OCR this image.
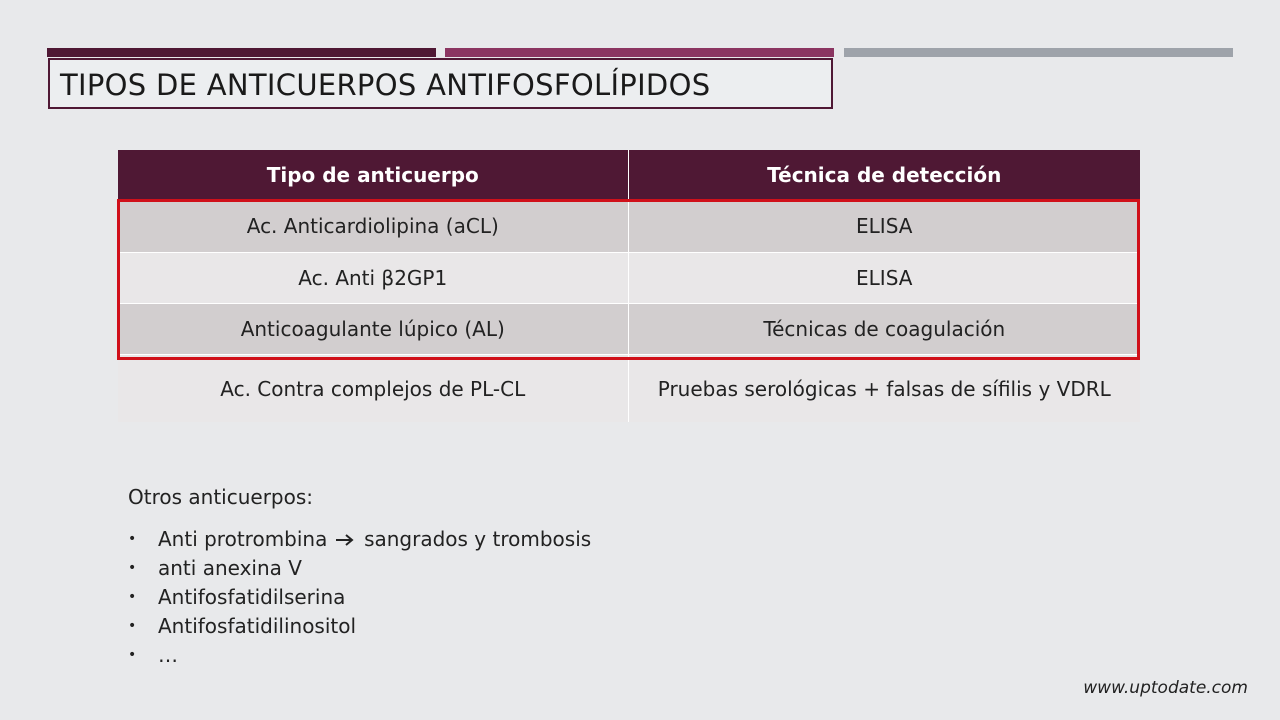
TIPOS DE ANTICUERPOS ANTIFOSFOLÍPIDOS
Tipo de anticuerpo	Técnica de detección
Ac. Anticardiolipina (aCL)	ELISA
Ac. Anti β2GP1	ELISA
Anticoagulante lúpico (AL)	Técnicas de coagulación
Ac. Contra complejos de PL-CL	Pruebas serológicas + falsas de sífilis y VDRL
Otros anticuerpos:
• Anti protrombina  sangrados y trombosis
• anti anexina V
• Antifosfatidilserina
• Antifosfatidilinositol
• …
www.uptodate.com
